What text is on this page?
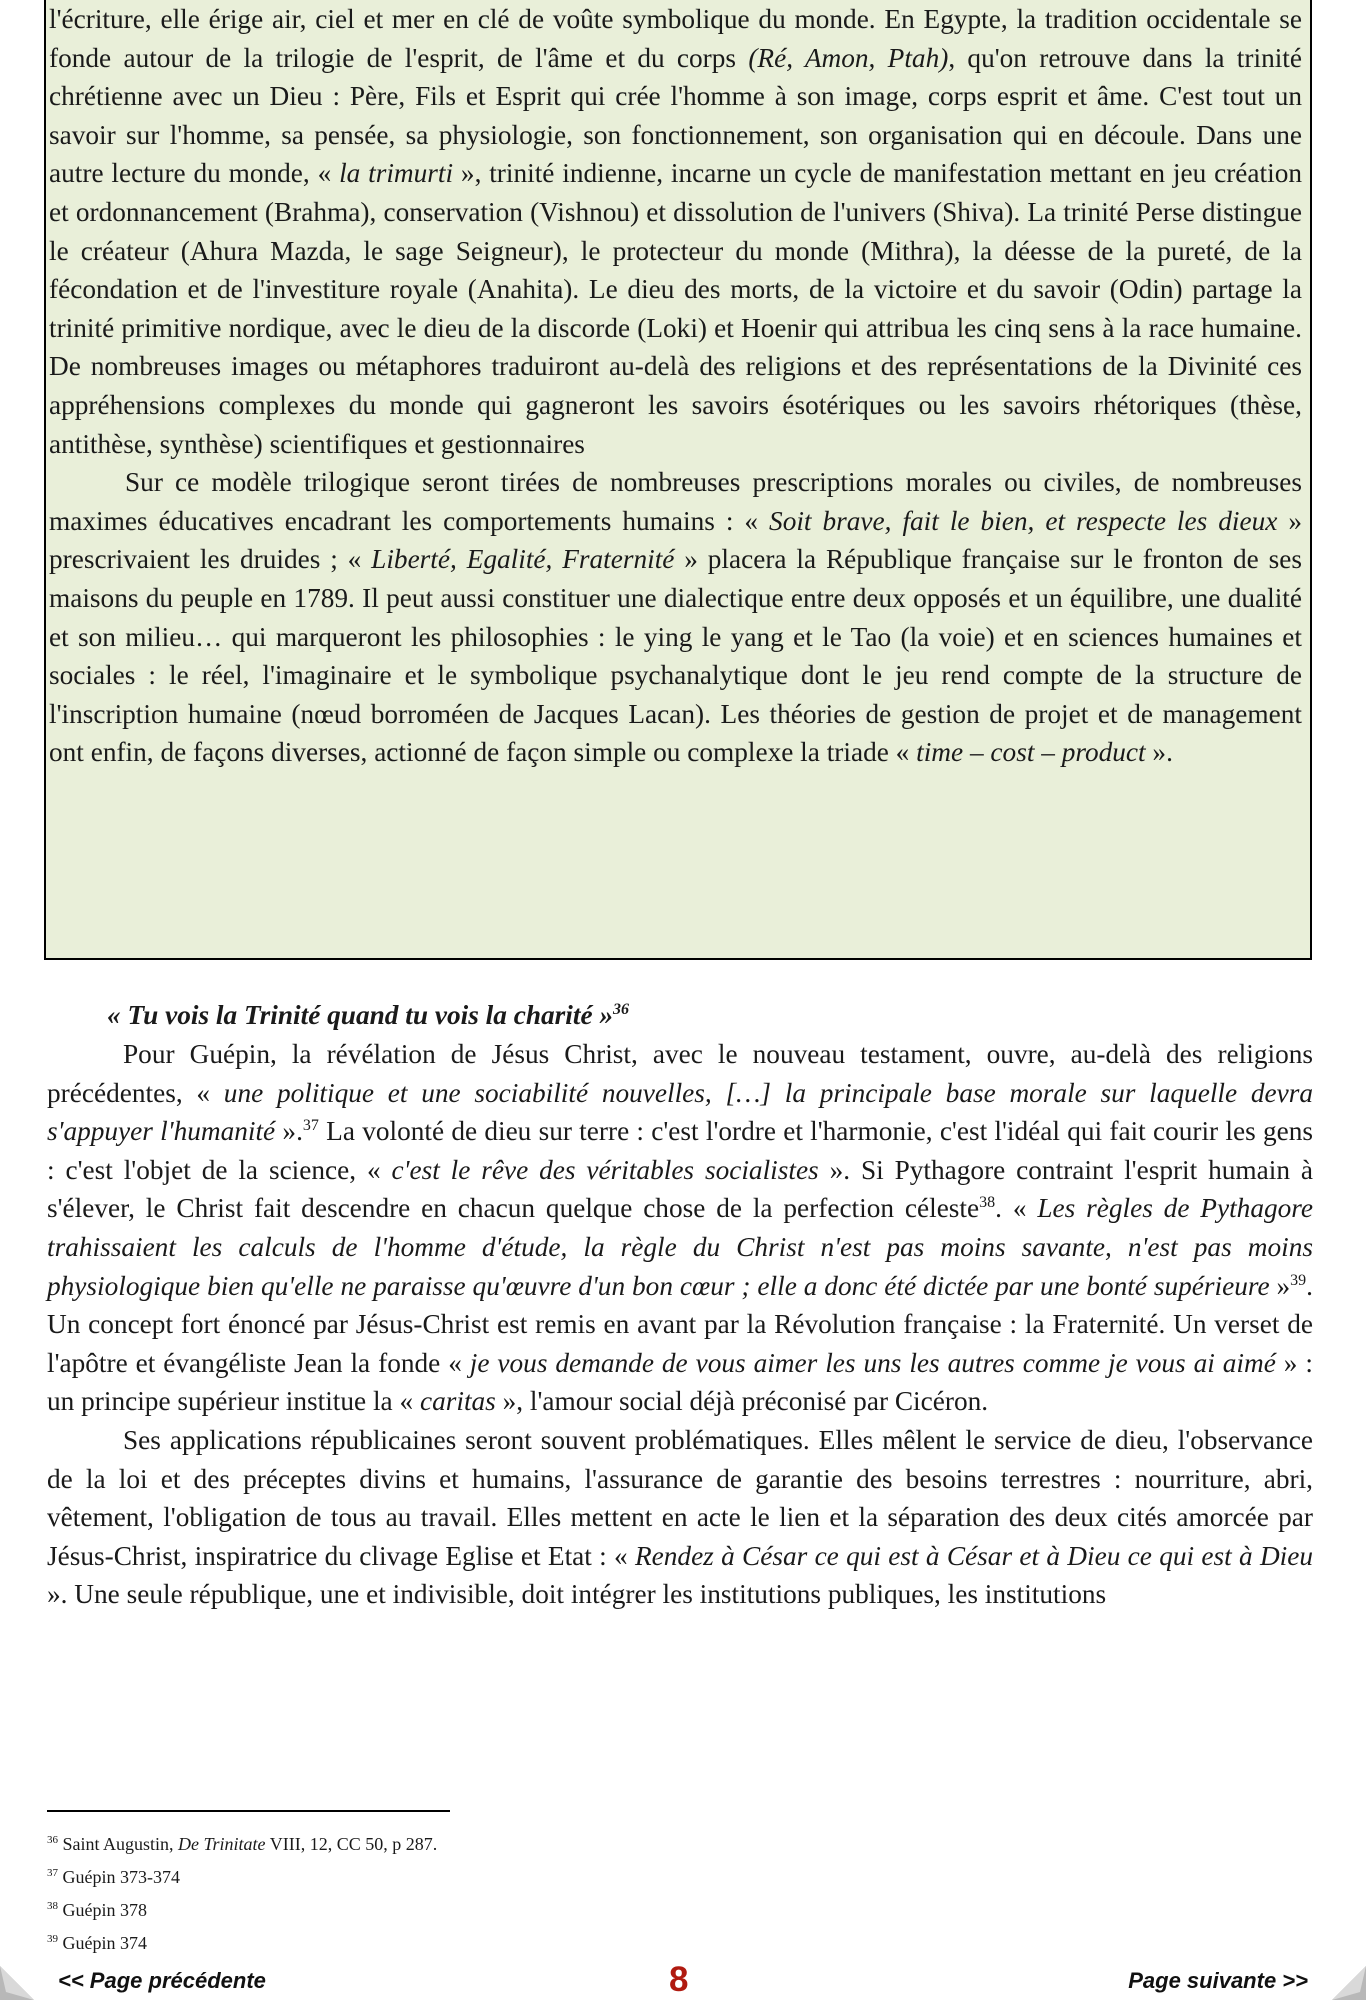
l'écriture, elle érige air, ciel et mer en clé de voûte symbolique du monde. En Egypte, la tradition occidentale se fonde autour de la trilogie de l'esprit, de l'âme et du corps (Ré, Amon, Ptah), qu'on retrouve dans la trinité chrétienne avec un Dieu : Père, Fils et Esprit qui crée l'homme à son image, corps esprit et âme. C'est tout un savoir sur l'homme, sa pensée, sa physiologie, son fonctionnement, son organisation qui en découle. Dans une autre lecture du monde, « la trimurti », trinité indienne, incarne un cycle de manifestation mettant en jeu création et ordonnancement (Brahma), conservation (Vishnou) et dissolution de l'univers (Shiva). La trinité Perse distingue le créateur (Ahura Mazda, le sage Seigneur), le protecteur du monde (Mithra), la déesse de la pureté, de la fécondation et de l'investiture royale (Anahita). Le dieu des morts, de la victoire et du savoir (Odin) partage la trinité primitive nordique, avec le dieu de la discorde (Loki) et Hoenir qui attribua les cinq sens à la race humaine. De nombreuses images ou métaphores traduiront au-delà des religions et des représentations de la Divinité ces appréhensions complexes du monde qui gagneront les savoirs ésotériques ou les savoirs rhétoriques (thèse, antithèse, synthèse) scientifiques et gestionnaires

Sur ce modèle trilogique seront tirées de nombreuses prescriptions morales ou civiles, de nombreuses maximes éducatives encadrant les comportements humains : « Soit brave, fait le bien, et respecte les dieux » prescrivaient les druides ; « Liberté, Egalité, Fraternité » placera la République française sur le fronton de ses maisons du peuple en 1789. Il peut aussi constituer une dialectique entre deux opposés et un équilibre, une dualité et son milieu… qui marqueront les philosophies : le ying le yang et le Tao (la voie) et en sciences humaines et sociales : le réel, l'imaginaire et le symbolique psychanalytique dont le jeu rend compte de la structure de l'inscription humaine (nœud borroméen de Jacques Lacan). Les théories de gestion de projet et de management ont enfin, de façons diverses, actionné de façon simple ou complexe la triade « time – cost – product ».

« Tu vois la Trinité quand tu vois la charité »$^{36}$

Pour Guépin, la révélation de Jésus Christ, avec le nouveau testament, ouvre, au-delà des religions précédentes, « une politique et une sociabilité nouvelles, […] la principale base morale sur laquelle devra s'appuyer l'humanité ».$^{37}$ La volonté de dieu sur terre : c'est l'ordre et l'harmonie, c'est l'idéal qui fait courir les gens : c'est l'objet de la science, « c'est le rêve des véritables socialistes ». Si Pythagore contraint l'esprit humain à s'élever, le Christ fait descendre en chacun quelque chose de la perfection céleste$^{38}$. « Les règles de Pythagore trahissaient les calculs de l'homme d'étude, la règle du Christ n'est pas moins savante, n'est pas moins physiologique bien qu'elle ne paraisse qu'œuvre d'un bon cœur ; elle a donc été dictée par une bonté supérieure »$^{39}$. Un concept fort énoncé par Jésus-Christ est remis en avant par la Révolution française : la Fraternité. Un verset de l'apôtre et évangéliste Jean la fonde « je vous demande de vous aimer les uns les autres comme je vous ai aimé » : un principe supérieur institue la « caritas », l'amour social déjà préconisé par Cicéron.

Ses applications républicaines seront souvent problématiques. Elles mêlent le service de dieu, l'observance de la loi et des préceptes divins et humains, l'assurance de garantie des besoins terrestres : nourriture, abri, vêtement, l'obligation de tous au travail. Elles mettent en acte le lien et la séparation des deux cités amorcée par Jésus-Christ, inspiratrice du clivage Eglise et Etat : « Rendez à César ce qui est à César et à Dieu ce qui est à Dieu ». Une seule république, une et indivisible, doit intégrer les institutions publiques, les institutions

$^{36}$ Saint Augustin, De Trinitate VIII, 12, CC 50, p 287.
$^{37}$ Guépin 373-374
$^{38}$ Guépin 378
$^{39}$ Guépin 374
<< Page précédente	8	Page suivante >>
